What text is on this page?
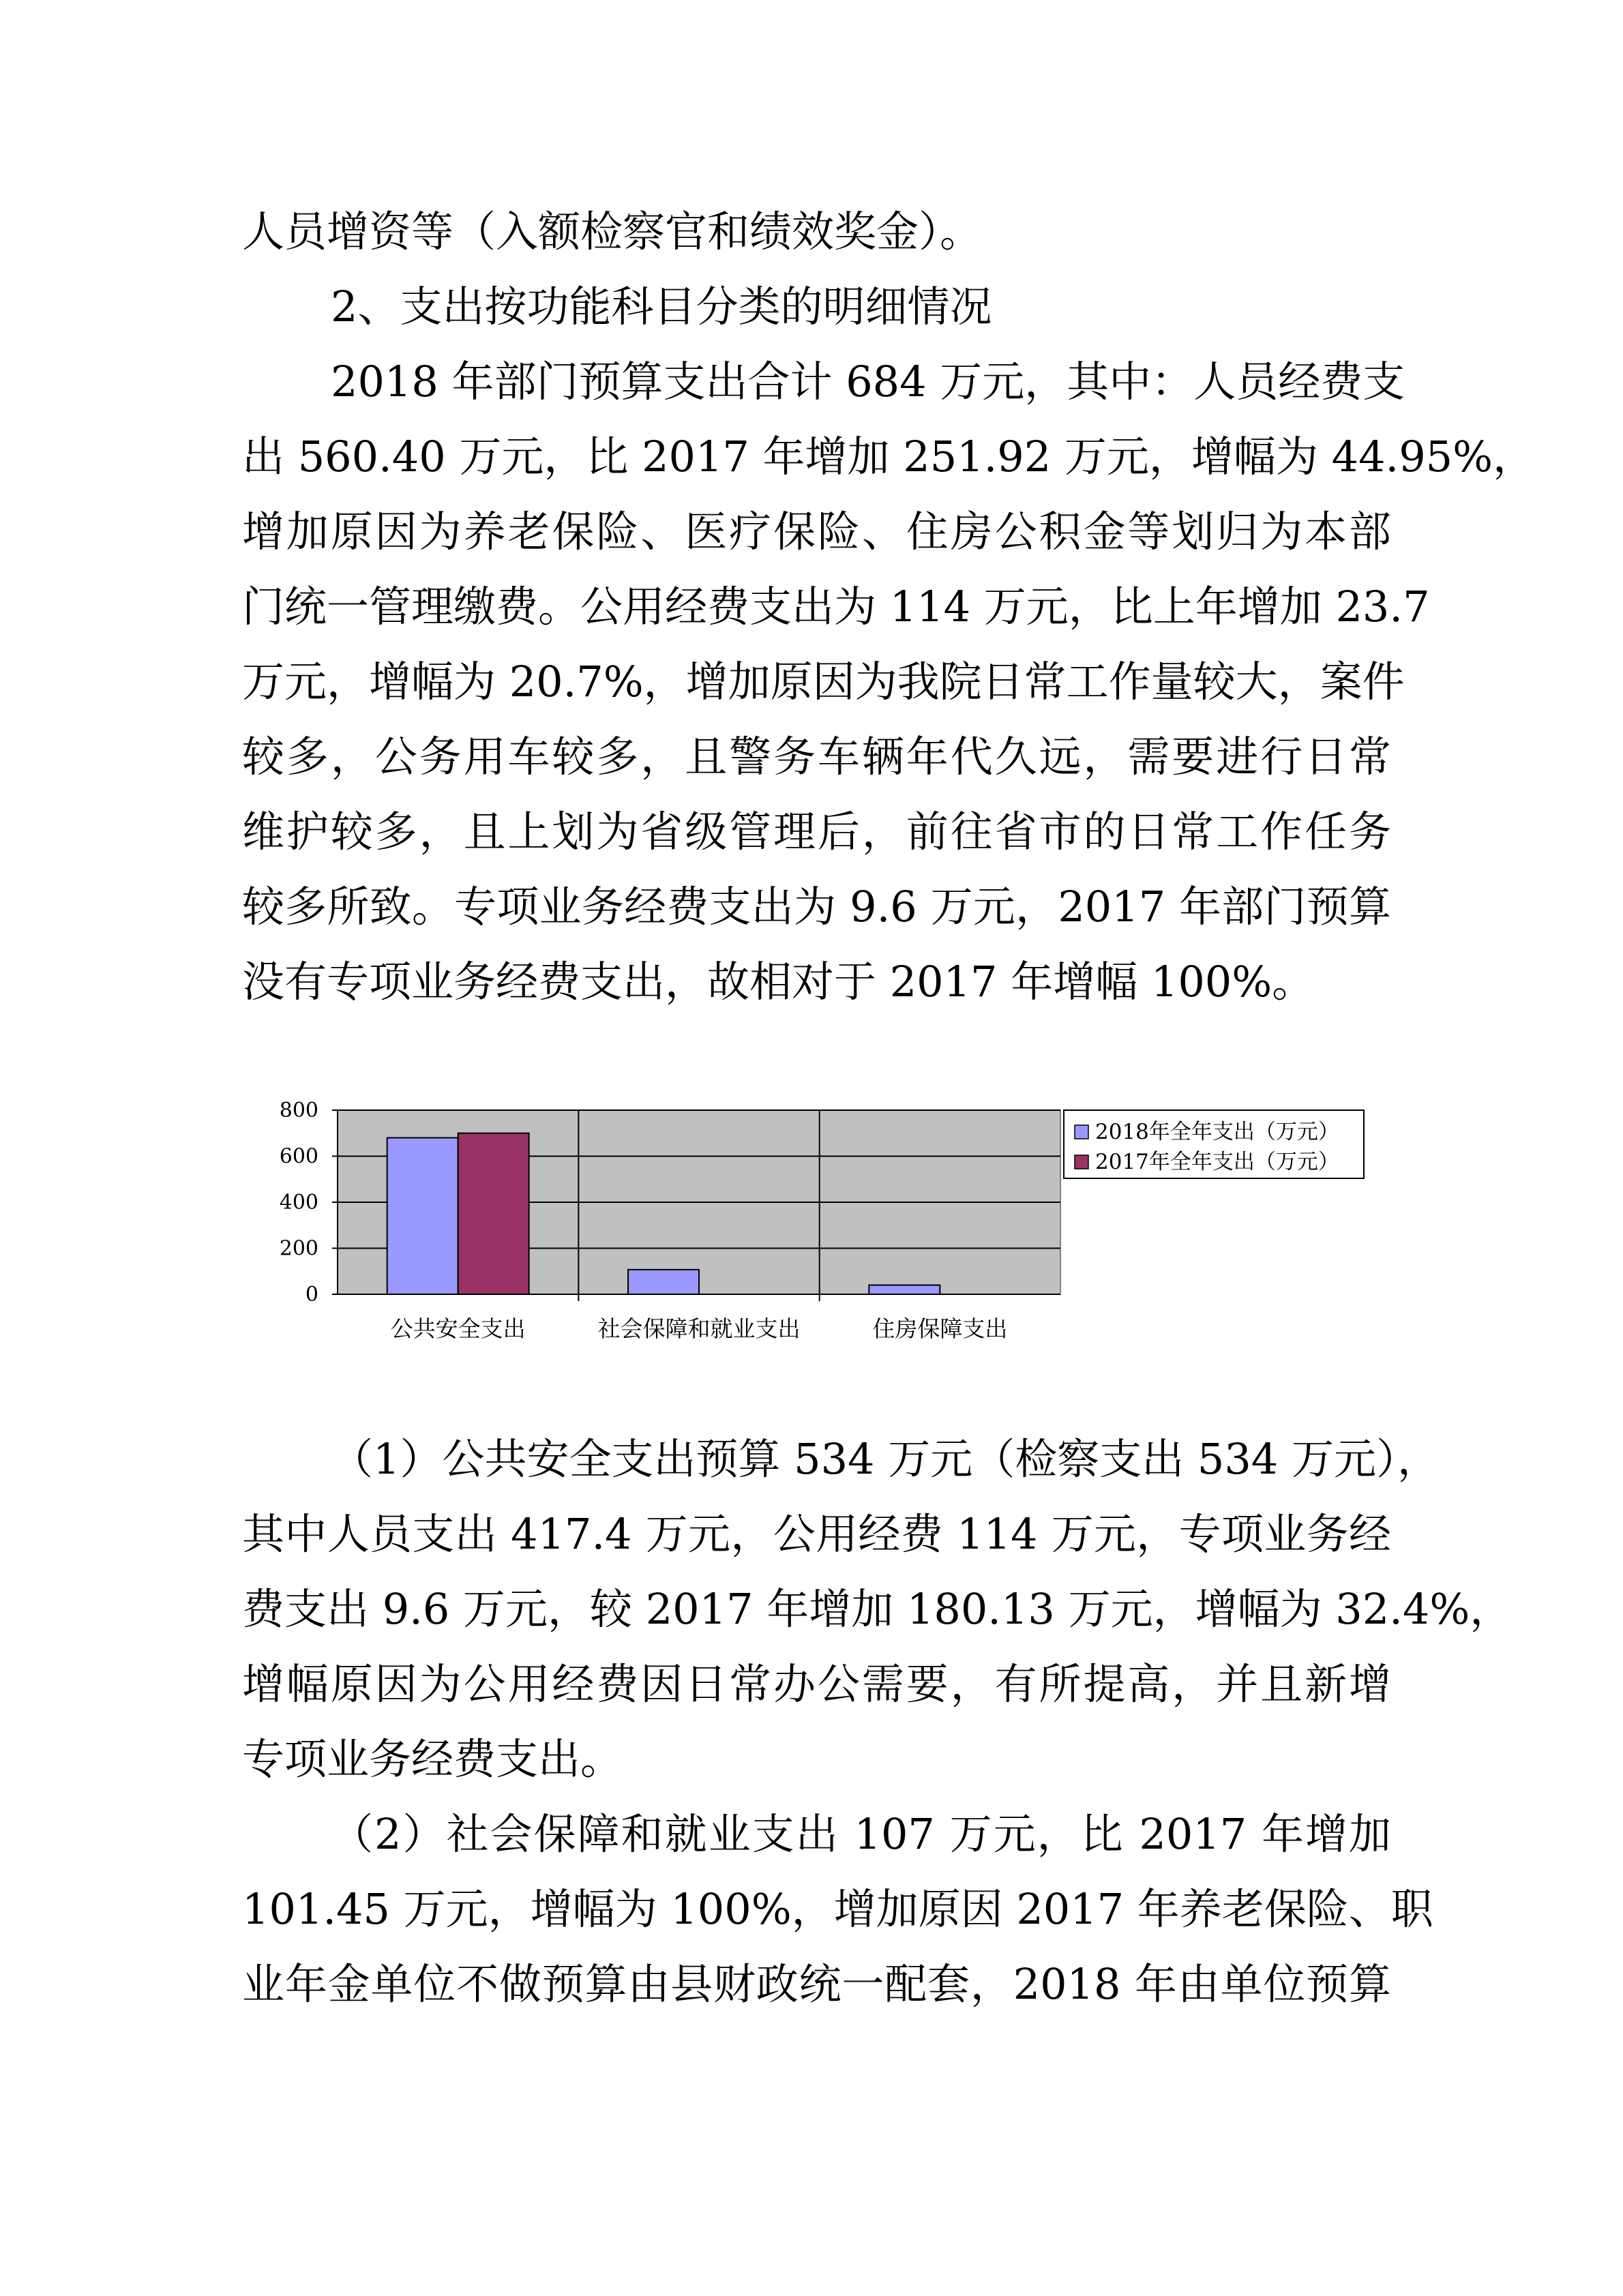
人员增资等（入额检察官和绩效奖金）。
2、支出按功能科目分类的明细情况
2018 年部门预算支出合计 684 万元，其中：人员经费支
出 560.40 万元，比 2017 年增加 251.92 万元，增幅为 44.95%，
增加原因为养老保险、医疗保险、住房公积金等划归为本部
门统一管理缴费。公用经费支出为 114 万元，比上年增加 23.7
万元，增幅为 20.7%，增加原因为我院日常工作量较大，案件
较多，公务用车较多，且警务车辆年代久远，需要进行日常
维护较多，且上划为省级管理后，前往省市的日常工作任务
较多所致。专项业务经费支出为 9.6 万元，2017 年部门预算
没有专项业务经费支出，故相对于 2017 年增幅 100%。
0
200
400
600
800
公共安全支出	社会保障和就业支出	住房保障支出
2018年全年支出（万元）
2017年全年支出（万元）
（1）公共安全支出预算 534 万元（检察支出 534 万元），
其中人员支出 417.4 万元，公用经费 114 万元，专项业务经
费支出 9.6 万元，较 2017 年增加 180.13 万元，增幅为 32.4%，
增幅原因为公用经费因日常办公需要，有所提高，并且新增
专项业务经费支出。
（2）社会保障和就业支出 107 万元，比 2017 年增加
101.45 万元，增幅为 100%，增加原因 2017 年养老保险、职
业年金单位不做预算由县财政统一配套，2018 年由单位预算
